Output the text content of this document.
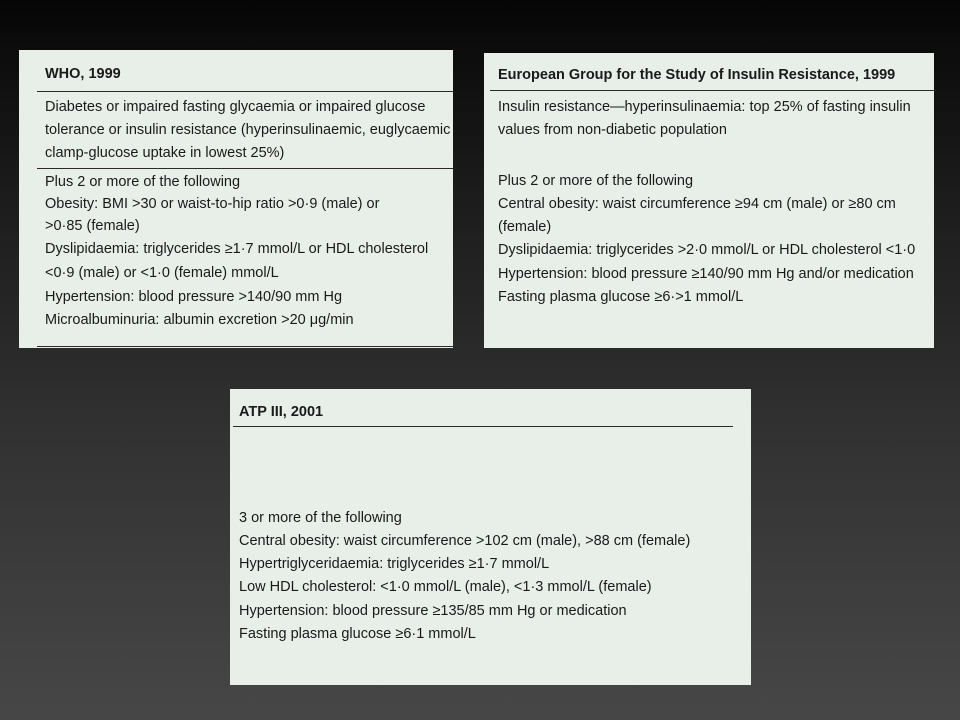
WHO, 1999
Diabetes or impaired fasting glycaemia or impaired glucose
tolerance or insulin resistance (hyperinsulinaemic, euglycaemic
clamp-glucose uptake in lowest 25%)
Plus 2 or more of the following
Obesity: BMI >30 or waist-to-hip ratio >0·9 (male) or
>0·85 (female)
Dyslipidaemia: triglycerides ≥1·7 mmol/L or HDL cholesterol
<0·9 (male) or <1·0 (female) mmol/L
Hypertension: blood pressure >140/90 mm Hg
Microalbuminuria: albumin excretion >20 μg/min
European Group for the Study of Insulin Resistance, 1999
Insulin resistance—hyperinsulinaemia: top 25% of fasting insulin
values from non-diabetic population
Plus 2 or more of the following
Central obesity: waist circumference ≥94 cm (male) or ≥80 cm
(female)
Dyslipidaemia: triglycerides >2·0 mmol/L or HDL cholesterol <1·0
Hypertension: blood pressure ≥140/90 mm Hg and/or medication
Fasting plasma glucose ≥6·>1 mmol/L
ATP III, 2001
3 or more of the following
Central obesity: waist circumference >102 cm (male), >88 cm (female)
Hypertriglyceridaemia: triglycerides ≥1·7 mmol/L
Low HDL cholesterol: <1·0 mmol/L (male), <1·3 mmol/L (female)
Hypertension: blood pressure ≥135/85 mm Hg or medication
Fasting plasma glucose ≥6·1 mmol/L
